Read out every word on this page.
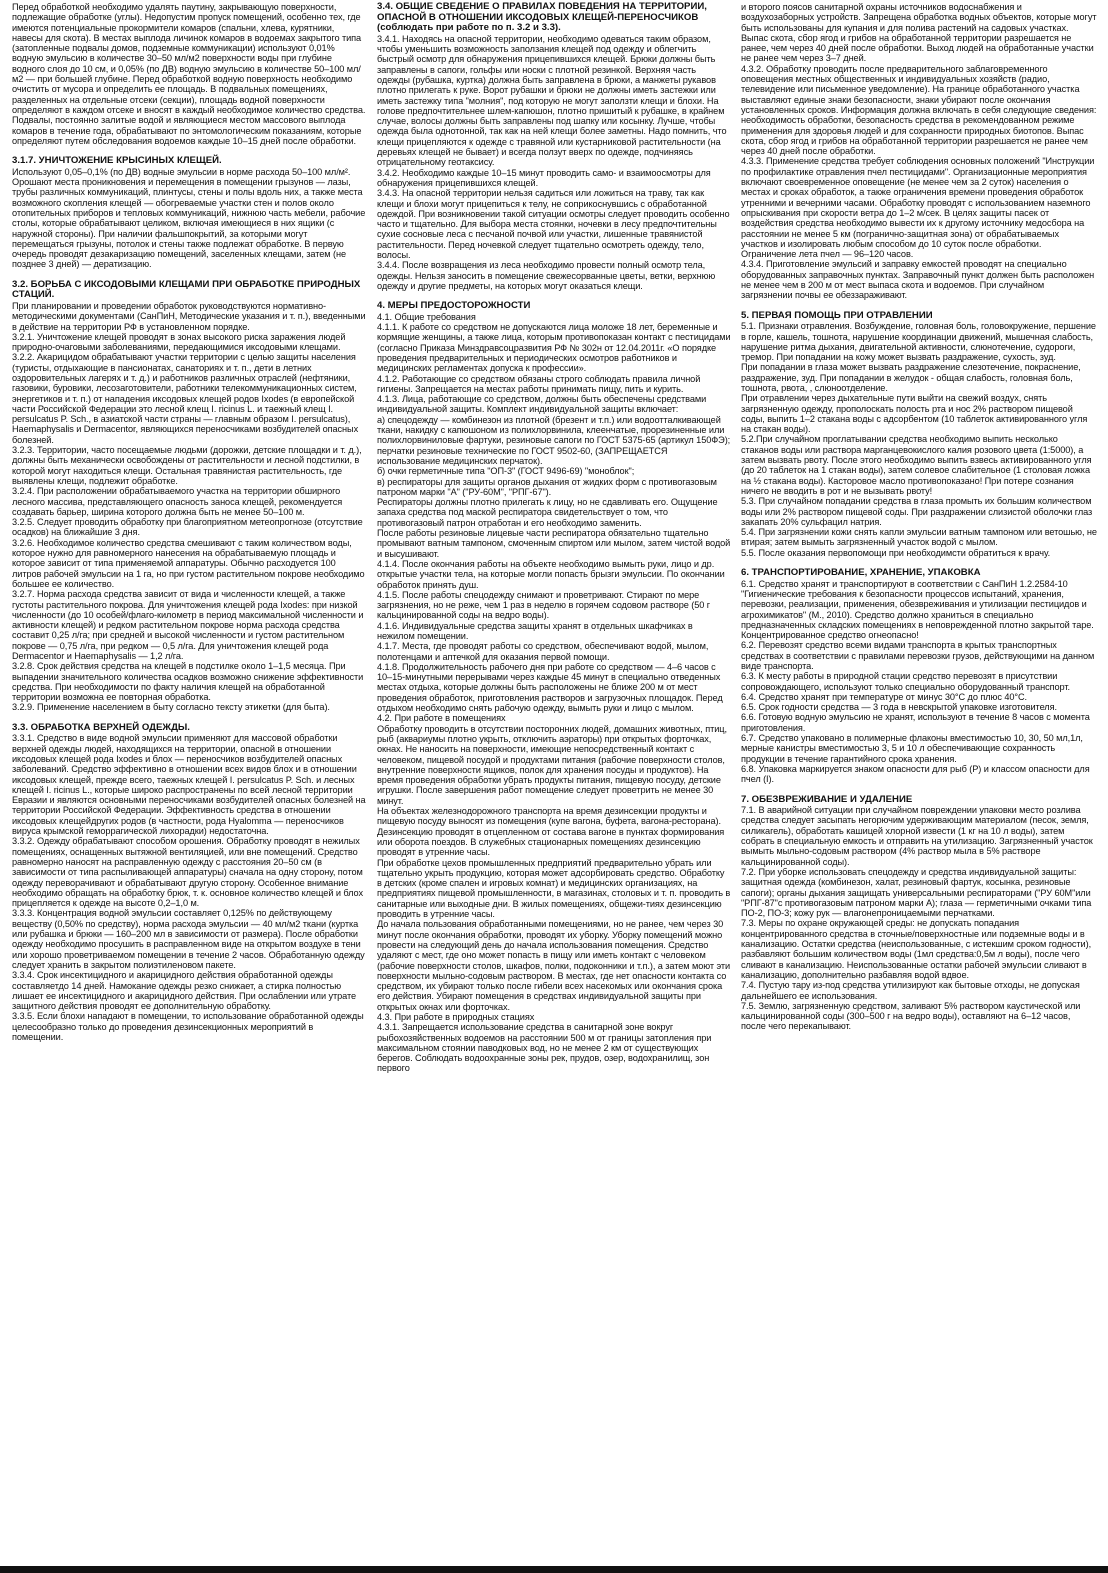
Перед обработкой необходимо удалять паутину, закрывающую поверхности, подлежащие обработке (углы). Недопустим пропуск помещений, особенно тех, где имеются потенциальные прокормители комаров (спальни, хлева, курятники, навесы для скота). В местах выплода личинок комаров в водоемах закрытого типа (затопленные подвалы домов, подземные коммуникации) используют 0,01% водную эмульсию в количестве 30–50 мл/м2 поверхности воды при глубине водного слоя до 10 см, и 0,05% (по ДВ) водную эмульсию в количестве 50–100 мл/м2 — при большей глубине. Перед обработкой водную поверхность необходимо очистить от мусора и определить ее площадь. В подвальных помещениях, разделенных на отдельные отсеки (секции), площадь водной поверхности определяют в каждом отсеке и вносят в каждый необходимое количество средства. Подвалы, постоянно залитые водой и являющиеся местом массового выплода комаров в течение года, обрабатывают по энтомологическим показаниям, которые определяют путем обследования водоемов каждые 10–15 дней после обработки.
3.1.7. УНИЧТОЖЕНИЕ КРЫСИНЫХ КЛЕЩЕЙ.
Используют 0,05–0,1% (по ДВ) водные эмульсии в норме расхода 50–100 мл/м². Орошают места проникновения и перемещения в помещении грызунов — лазы, трубы различных коммуникаций, плинтусы, стены и полы вдоль них, а также места возможного скопления клещей — обогреваемые участки стен и полов около отопительных приборов и тепловых коммуникаций, нижнюю часть мебели, рабочие столы, которые обрабатывают целиком, включая имеющиеся в них ящики (с наружной стороны). При наличии фальшпокрытий, за которыми могут перемещаться грызуны, потолок и стены также подлежат обработке. В первую очередь проводят дезакаризацию помещений, заселенных клещами, затем (не позднее 3 дней) — дератизацию.
3.2. БОРЬБА С ИКСОДОВЫМИ КЛЕЩАМИ ПРИ ОБРАБОТКЕ ПРИРОДНЫХ СТАЦИЙ.
При планировании и проведении обработок руководствуются нормативно-методическими документами (СанПиН, Методические указания и т. п.), введенными в действие на территории РФ в установленном порядке.
3.2.1. Уничтожение клещей проводят в зонах высокого риска заражения людей природно-очаговыми заболеваниями, передающимися иксодовыми клещами.
3.2.2. Акарицидом обрабатывают участки территории с целью защиты населения (туристы, отдыхающие в пансионатах, санаториях и т. п., дети в летних оздоровительных лагерях и т. д.) и работников различных отраслей (нефтяники, газовики, буровики, лесозаготовители, работники телекоммуникационных систем, энергетиков и т. п.) от нападения иксодовых клещей родов Ixodes (в европейской части Российской Федерации это лесной клещ I. ricinus L. и таежный клещ I. persulcatus P. Sch., в азиатской части страны — главным образом I. persulcatus), Haemaphysalis и Dermacentor, являющихся переносчиками возбудителей опасных болезней.
3.2.3. Территории, часто посещаемые людьми (дорожки, детские площадки и т. д.), должны быть механически освобождены от растительности и лесной подстилки, в которой могут находиться клещи. Остальная травянистая растительность, где выявлены клещи, подлежит обработке.
3.2.4. При расположении обрабатываемого участка на территории обширного лесного массива, представляющего опасность заноса клещей, рекомендуется создавать барьер, ширина которого должна быть не менее 50–100 м.
3.2.5. Следует проводить обработку при благоприятном метеопрогнозе (отсутствие осадков) на ближайшие 3 дня.
3.2.6. Необходимое количество средства смешивают с таким количеством воды, которое нужно для равномерного нанесения на обрабатываемую площадь и которое зависит от типа применяемой аппаратуры. Обычно расходуется 100 литров рабочей эмульсии на 1 га, но при густом растительном покрове необходимо большее ее количество.
3.2.7. Норма расхода средства зависит от вида и численности клещей, а также густоты растительного покрова. Для уничтожения клещей рода Ixodes: при низкой численности (до 10 особей/флаго-километр в период максимальной численности и активности клещей) и редком растительном покрове норма расхода средства составит 0,25 л/га; при средней и высокой численности и густом растительном покрове — 0,75 л/га, при редком — 0,5 л/га. Для уничтожения клещей рода Dermacentor и Haemaphysalis — 1,2 л/га.
3.2.8. Срок действия средства на клещей в подстилке около 1–1,5 месяца. При выпадении значительного количества осадков возможно снижение эффективности средства. При необходимости по факту наличия клещей на обработанной территории возможна ее повторная обработка.
3.2.9. Применение населением в быту согласно тексту этикетки (для быта).
3.3. ОБРАБОТКА ВЕРХНЕЙ ОДЕЖДЫ.
3.3.1. Средство в виде водной эмульсии применяют для массовой обработки верхней одежды людей, находящихся на территории, опасной в отношении иксодовых клещей рода Ixodes и блох — переносчиков возбудителей опасных заболеваний. Средство эффективно в отношении всех видов блох и в отношении иксодовых клещей, прежде всего, таежных клещей I. persulcatus P. Sch. и лесных клещей I. ricinus L., которые широко распространены по всей лесной территории Евразии и являются основными переносчиками возбудителей опасных болезней на территории Российской Федерации. Эффективность средства в отношении иксодовых клещейдругих родов (в частности, рода Hyalomma — переносчиков вируса крымской геморрагической лихорадки) недостаточна.
3.3.2. Одежду обрабатывают способом орошения. Обработку проводят в нежилых помещениях, оснащенных вытяжной вентиляцией, или вне помещений. Средство равномерно наносят на расправленную одежду с расстояния 20–50 см (в зависимости от типа распыливающей аппаратуры) сначала на одну сторону, потом одежду переворачивают и обрабатывают другую сторону. Особенное внимание необходимо обращать на обработку брюк, т. к. основное количество клещей и блох прицепляется к одежде на высоте 0,2–1,0 м.
3.3.3. Концентрация водной эмульсии составляет 0,125% по действующему веществу (0,50% по средству), норма расхода эмульсии — 40 мл/м2 ткани (куртка или рубашка и брюки — 160–200 мл в зависимости от размера). После обработки одежду необходимо просушить в расправленном виде на открытом воздухе в тени или хорошо проветриваемом помещении в течение 2 часов. Обработанную одежду следует хранить в закрытом полиэтиленовом пакете.
3.3.4. Срок инсектицидного и акарицидного действия обработанной одежды составляетдо 14 дней. Намокание одежды резко снижает, а стирка полностью лишает ее инсектицидного и акарицидного действия. При ослаблении или утрате защитного действия проводят ее дополнительную обработку.
3.3.5. Если блохи нападают в помещении, то использование обработанной одежды целесообразно только до проведения дезинсекционных мероприятий в помещении.
3.4. ОБЩИЕ СВЕДЕНИЕ О ПРАВИЛАХ ПОВЕДЕНИЯ НА ТЕРРИТОРИИ, ОПАСНОЙ В ОТНОШЕНИИ ИКСОДОВЫХ КЛЕЩЕЙ-ПЕРЕНОСЧИКОВ (соблюдать при работе по п. 3.2 и 3.3).
3.4.1. Находясь на опасной территории, необходимо одеваться таким образом, чтобы уменьшить возможность заползания клещей под одежду и облегчить быстрый осмотр для обнаружения прицепившихся клещей. Брюки должны быть заправлены в сапоги, гольфы или носки с плотной резинкой. Верхняя часть одежды (рубашка, куртка) должна быть заправлена в брюки, а манжеты рукавов плотно прилегать к руке. Ворот рубашки и брюки не должны иметь застежки или иметь застежку типа "молния", под которую не могут заползти клещи и блохи. На голове предпочтительнее шлем-капюшон, плотно пришитый к рубашке, в крайнем случае, волосы должны быть заправлены под шапку или косынку. Лучше, чтобы одежда была однотонной, так как на ней клещи более заметны. Надо помнить, что клещи прицепляются к одежде с травяной или кустарниковой растительности (на деревьях клещей не бывает) и всегда ползут вверх по одежде, подчиняясь отрицательному геотаксису.
3.4.2. Необходимо каждые 10–15 минут проводить само- и взаимоосмотры для обнаружения прицепившихся клещей.
3.4.3. На опасной территории нельзя садиться или ложиться на траву, так как клещи и блохи могут прицепиться к телу, не соприкоснувшись с обработанной одеждой. При возникновении такой ситуации осмотры следует проводить особенно часто и тщательно. Для выбора места стоянки, ночевки в лесу предпочтительны сухие сосновые леса с песчаной почвой или участки, лишенные травянистой растительности. Перед ночевкой следует тщательно осмотреть одежду, тело, волосы.
3.4.4. После возвращения из леса необходимо провести полный осмотр тела, одежды. Нельзя заносить в помещение свежесорванные цветы, ветки, верхнюю одежду и другие предметы, на которых могут оказаться клещи.
4. МЕРЫ ПРЕДОСТОРОЖНОСТИ
4.1. Общие требования
4.1.1. К работе со средством не допускаются лица моложе 18 лет, беременные и кормящие женщины, а также лица, которым противопоказан контакт с пестицидами (согласно Приказа Минздравсоцразвития РФ № 302н от 12.04.2011г. «О порядке проведения предварительных и периодических осмотров работников и медицинских регламентах допуска к профессии».
4.1.2. Работающие со средством обязаны строго соблюдать правила личной гигиены. Запрещается на местах работы принимать пищу, пить и курить.
4.1.3. Лица, работающие со средством, должны быть обеспечены средствами индивидуальной защиты. Комплект индивидуальной защиты включает:
а) спецодежду — комбинезон из плотной (брезент и т.п.) или водоотталкивающей ткани, накидку с капюшоном из полихлорвинила, клеенчатые, прорезиненные или полихлорвиниловые фартуки, резиновые сапоги по ГОСТ 5375-65 (артикул 150ФЭ); перчатки резиновые технические по ГОСТ 9502-60, (ЗАПРЕЩАЕТСЯ использование медицинских перчаток).
б) очки герметичные типа "ОП-3" (ГОСТ 9496-69) "моноблок";
в) респираторы для защиты органов дыхания от жидких форм с противогазовым патроном марки "А" ("РУ-60М", "РПГ-67").
Респираторы должны плотно прилегать к лицу, но не сдавливать его. Ощущение запаха средства под маской респиратора свидетельствует о том, что противогазовый патрон отработан и его необходимо заменить.
После работы резиновые лицевые части респиратора обязательно тщательно промывают ватным тампоном, смоченным спиртом или мылом, затем чистой водой и высушивают.
4.1.4. После окончания работы на объекте необходимо вымыть руки, лицо и др. открытые участки тела, на которые могли попасть брызги эмульсии. По окончании обработок принять душ.
4.1.5. После работы спецодежду снимают и проветривают. Стирают по мере загрязнения, но не реже, чем 1 раз в неделю в горячем содовом растворе (50 г кальцинированной соды на ведро воды).
4.1.6. Индивидуальные средства защиты хранят в отдельных шкафчиках в нежилом помещении.
4.1.7. Места, где проводят работы со средством, обеспечивают водой, мылом, полотенцами и аптечкой для оказания первой помощи.
4.1.8. Продолжительность рабочего дня при работе со средством — 4–6 часов с
10–15-минутными перерывами через каждые 45 минут в специально отведенных местах отдыха, которые должны быть расположены не ближе 200 м от мест проведения обработок, приготовления растворов и загрузочных площадок. Перед отдыхом необходимо снять рабочую одежду, вымыть руки и лицо с мылом.
4.2. При работе в помещениях
Обработку проводить в отсутствии посторонних людей, домашних животных, птиц, рыб (аквариумы плотно укрыть, отключить аэраторы) при открытых форточках, окнах. Не наносить на поверхности, имеющие непосредственный контакт с человеком, пищевой посудой и продуктами питания (рабочие поверхности столов, внутренние поверхности ящиков, полок для хранения посуды и продуктов). На время проведения обработки убрать продукты питания, пищевую посуду, детские игрушки. После завершения работ помещение следует проветрить не менее 30 минут.
На объектах железнодорожного транспорта на время дезинсекции продукты и пищевую посуду выносят из помещения (купе вагона, буфета, вагона-ресторана). Дезинсекцию проводят в отцепленном от состава вагоне в пунктах формирования или оборота поездов. В служебных стационарных помещениях дезинсекцию проводят в утренние часы.
При обработке цехов промышленных предприятий предварительно убрать или тщательно укрыть продукцию, которая может адсорбировать средство. Обработку в детских (кроме спален и игровых комнат) и медицинских организациях, на предприятиях пищевой промышленности, в магазинах, столовых и т. п. проводить в санитарные или выходные дни. В жилых помещениях, общежи-тиях дезинсекцию проводить в утренние часы.
До начала пользования обработанными помещениями, но не ранее, чем через 30 минут после окончания обработки, проводят их уборку. Уборку помещений можно провести на следующий день до начала использования помещения. Средство удаляют с мест, где оно может попасть в пищу или иметь контакт с человеком (рабочие поверхности столов, шкафов, полки, подоконники и т.п.), а затем моют эти поверхности мыльно-содовым раствором. В местах, где нет опасности контакта со средством, их убирают только после гибели всех насекомых или окончания срока его действия. Убирают помещения в средствах индивидуальной защиты при открытых окнах или форточках.
4.3. При работе в природных стациях
4.3.1. Запрещается использование средства в санитарной зоне вокруг рыбохозяйственных водоемов на расстоянии 500 м от границы затопления при максимальном стоянии паводковых вод, но не менее 2 км от существующих берегов. Соблюдать водоохранные зоны рек, прудов, озер, водохранилищ, зон первого
и второго поясов санитарной охраны источников водоснабжения и воздухозаборных устройств. Запрещена обработка водных объектов, которые могут быть использованы для купания и для полива растений на садовых участках. Выпас скота, сбор ягод и грибов на обработанной территории разрешается не ранее, чем через 40 дней после обработки. Выход людей на обработанные участки не ранее чем через 3–7 дней.
4.3.2. Обработку проводить после предварительного заблаговременного оповещения местных общественных и индивидуальных хозяйств (радио, телевидение или письменное уведомление). На границе обработанного участка выставляют единые знаки безопасности, знаки убирают после окончания установленных сроков. Информация должна включать в себя следующие сведения: необходимость обработки, безопасность средства в рекомендованном режиме применения для здоровья людей и для сохранности природных биотопов. Выпас скота, сбор ягод и грибов на обработанной территории разрешается не ранее чем через 40 дней после обработки.
4.3.3. Применение средства требует соблюдения основных положений "Инструкции по профилактике отравления пчел пестицидами". Организационные мероприятия включают своевременное оповещение (не менее чем за 2 суток) населения о местах и сроках обработок, а также ограничения времени проведения обработок утренними и вечерними часами. Обработку проводят с использованием наземного опрыскивания при скорости ветра до 1–2 м/сек. В целях защиты пасек от воздействия средства необходимо вывести их к другому источнику медосбора на расстоянии не менее 5 км (погранично-защитная зона) от обрабатываемых участков и изолировать любым способом до 10 суток после обработки. Ограничение лета пчел — 96–120 часов.
4.3.4. Приготовление эмульсий и заправку емкостей проводят на специально оборудованных заправочных пунктах. Заправочный пункт должен быть расположен не менее чем в 200 м от мест выпаса скота и водоемов. При случайном загрязнении почвы ее обеззараживают.
5. ПЕРВАЯ ПОМОЩЬ ПРИ ОТРАВЛЕНИИ
5.1. Признаки отравления. Возбуждение, головная боль, головокружение, першение в горле, кашель, тошнота, нарушение координации движений, мышечная слабость, нарушение ритма дыхания, двигательной активности, слюнотечение, судороги, тремор. При попадании на кожу может вызвать раздражение, сухость, зуд.
При попадании в глаза может вызвать раздражение слезотечение, покраснение, раздражение, зуд. При попадании в желудок - общая слабость, головная боль, тошнота, рвота, , слюноотделение.
При отравлении через дыхательные пути выйти на свежий воздух, снять загрязненную одежду, прополоскать полость рта и нос 2% раствором пищевой соды, выпить 1–2 стакана воды с адсорбентом (10 таблеток активированного угля на стакан воды).
5.2.При случайном проглатывании средства необходимо выпить несколько стаканов воды или раствора марганцевокислого калия розового цвета (1:5000), а затем вызвать рвоту. После этого необходимо выпить взвесь активированного угля (до 20 таблеток на 1 стакан воды), затем солевое слабительное (1 столовая ложка на ½ стакана воды). Касторовое масло противопоказано! При потере сознания ничего не вводить в рот и не вызывать рвоту!
5.3. При случайном попадании средства в глаза промыть их большим количеством воды или 2% раствором пищевой соды. При раздражении слизистой оболочки глаз закапать 20% сульфацил натрия.
5.4. При загрязнении кожи снять капли эмульсии ватным тампоном или ветошью, не втирая; затем вымыть загрязненный участок водой с мылом.
5.5. После оказания первопомощи при необходимсти обратиться к врачу.
6. ТРАНСПОРТИРОВАНИЕ, ХРАНЕНИЕ, УПАКОВКА
6.1. Средство хранят и транспортируют в соответствии с СанПиН 1.2.2584-10 "Гигиенические требования к безопасности процессов испытаний, хранения, перевозки, реализации, применения, обезвреживания и утилизации пестицидов и агрохимикатов" (М., 2010). Средство должно храниться в специально предназначенных складских помещениях в неповрежденной плотно закрытой таре. Концентрированное средство огнеопасно!
6.2. Перевозят средство всеми видами транспорта в крытых транспортных средствах в соответствии с правилами перевозки грузов, действующими на данном виде транспорта.
6.3. К месту работы в природной стации средство перевозят в присутствии сопровождающего, используют только специально оборудованный транспорт.
6.4. Средство хранят при температуре от минус 30°С до плюс 40°С.
6.5. Срок годности средства — 3 года в невскрытой упаковке изготовителя.
6.6. Готовую водную эмульсию не хранят, используют в течение 8 часов с момента приготовления.
6.7. Средство упаковано в полимерные флаконы вместимостью 10, 30, 50 мл,1л, мерные канистры вместимостью 3, 5 и 10 л обеспечивающие сохранность продукции в течение гарантийного срока хранения.
6.8. Упаковка маркируется знаком опасности для рыб (Р) и классом опасности для пчел (I).
7. ОБЕЗВРЕЖИВАНИЕ И УДАЛЕНИЕ
7.1. В аварийной ситуации при случайном повреждении упаковки место розлива средства следует засыпать негорючим удерживающим материалом (песок, земля, силикагель), обработать кашицей хлорной извести (1 кг на 10 л воды), затем собрать в специальную емкость и отправить на утилизацию. Загрязненный участок вымыть мыльно-содовым раствором (4% раствор мыла в 5% растворе кальцинированной соды).
7.2. При уборке использовать спецодежду и средства индивидуальной защиты: защитная одежда (комбинезон, халат, резиновый фартук, косынка, резиновые сапоги); органы дыхания защищать универсальными респираторами ("РУ 60М"или "РПГ-87"с противогазовым патроном марки А); глаза — герметичными очками типа ПО-2, ПО-3; кожу рук — влагонепроницаемыми перчатками.
7.3. Меры по охране окружающей среды: не допускать попадания концентрированного средства в сточные/поверхностные или подземные воды и в канализацию. Остатки средства (неиспользованные, с истекшим сроком годности), разбавляют большим количеством воды (1мл средства:0,5м л воды), после чего сливают в канализацию. Неиспользованные остатки рабочей эмульсии сливают в канализацию, дополнительно разбавляя водой вдвое.
7.4. Пустую тару из-под средства утилизируют как бытовые отходы, не допуская дальнейшего ее использования.
7.5. Землю, загрязненную средством, заливают 5% раствором каустической или кальцинированной соды (300–500 г на ведро воды), оставляют на 6–12 часов, после чего перекапывают.
